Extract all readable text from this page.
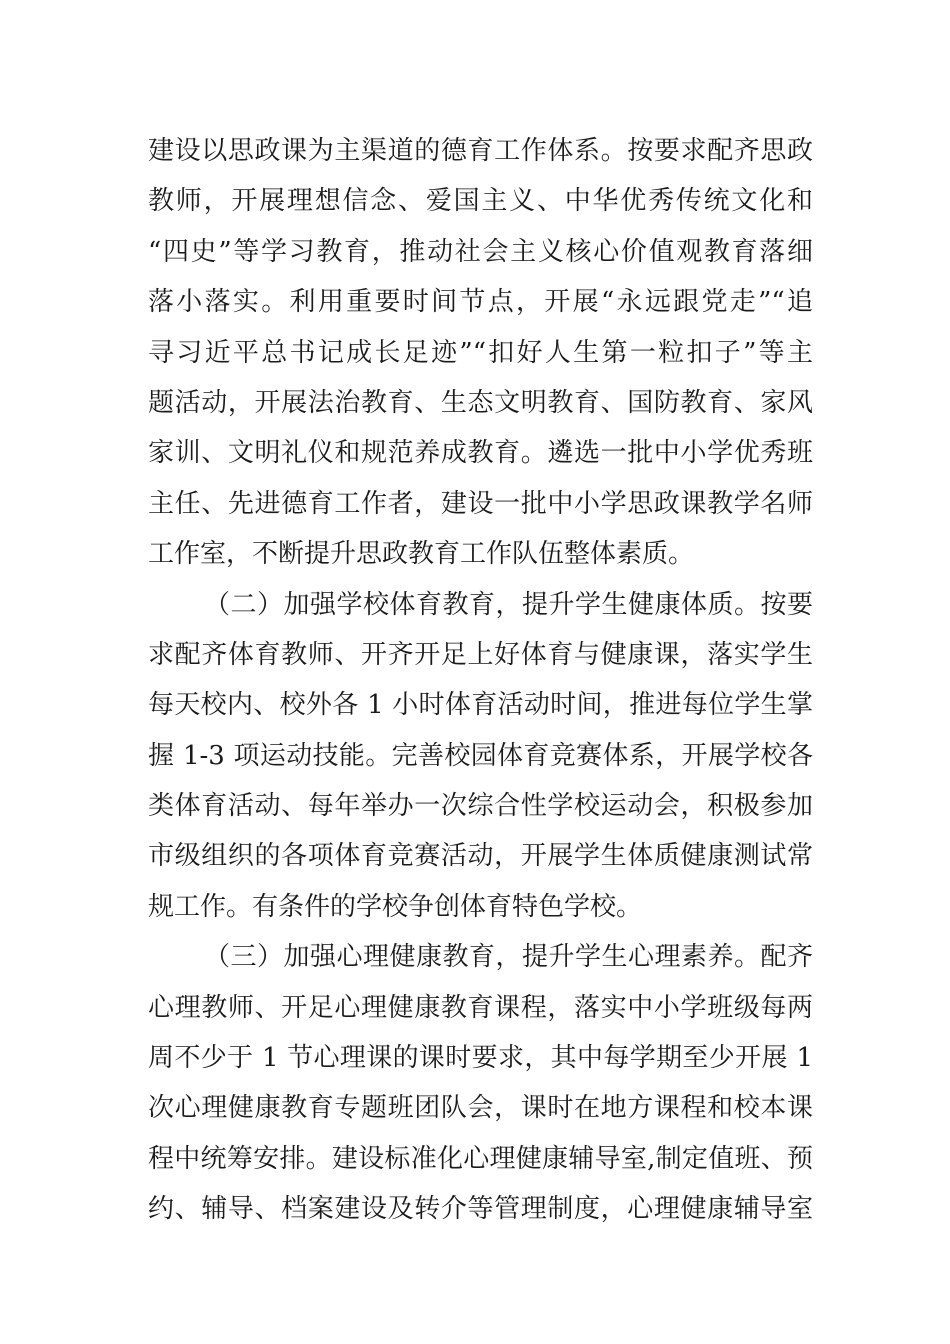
建设以思政课为主渠道的德育工作体系。按要求配齐思政
教师，开展理想信念、爱国主义、中华优秀传统文化和
“四史”等学习教育，推动社会主义核心价值观教育落细
落小落实。利用重要时间节点，开展“永远跟党走”“追
寻习近平总书记成长足迹”“扣好人生第一粒扣子”等主
题活动，开展法治教育、生态文明教育、国防教育、家风
家训、文明礼仪和规范养成教育。遴选一批中小学优秀班
主任、先进德育工作者，建设一批中小学思政课教学名师
工作室，不断提升思政教育工作队伍整体素质。
（二）加强学校体育教育，提升学生健康体质。按要
求配齐体育教师、开齐开足上好体育与健康课，落实学生
每天校内、校外各 1 小时体育活动时间，推进每位学生掌
握 1-3 项运动技能。完善校园体育竞赛体系，开展学校各
类体育活动、每年举办一次综合性学校运动会，积极参加
市级组织的各项体育竞赛活动，开展学生体质健康测试常
规工作。有条件的学校争创体育特色学校。
（三）加强心理健康教育，提升学生心理素养。配齐
心理教师、开足心理健康教育课程，落实中小学班级每两
周不少于 1 节心理课的课时要求，其中每学期至少开展 1
次心理健康教育专题班团队会，课时在地方课程和校本课
程中统筹安排。建设标准化心理健康辅导室,制定值班、预
约、辅导、档案建设及转介等管理制度，心理健康辅导室
